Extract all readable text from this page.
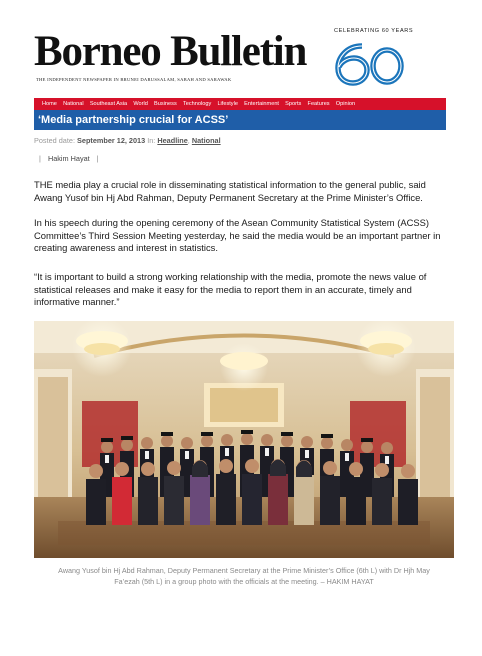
Borneo Bulletin
THE INDEPENDENT NEWSPAPER IN BRUNEI DARUSSALAM, SABAH AND SARAWAK
CELEBRATING 60 YEARS
Home National Southeast Asia World Business Technology Lifestyle Entertainment Sports Features Opinion
‘Media partnership crucial for ACSS’
Posted date: September 12, 2013 In: Headline, National
| Hakim Hayat |

THE media play a crucial role in disseminating statistical information to the general public, said Awang Yusof bin Hj Abd Rahman, Deputy Permanent Secretary at the Prime Minister’s Office.

In his speech during the opening ceremony of the Asean Community Statistical System (ACSS) Committee’s Third Session Meeting yesterday, he said the media would be an important partner in creating awareness and interest in statistics.

“It is important to build a strong working relationship with the media, promote the news value of statistical releases and make it easy for the media to report them in an accurate, timely and informative manner.”

Awang Yusof bin Hj Abd Rahman, Deputy Permanent Secretary at the Prime Minister’s Office (6th L) with Dr Hjh May
Fa’ezah (5th L) in a group photo with the officials at the meeting. – HAKIM HAYAT
